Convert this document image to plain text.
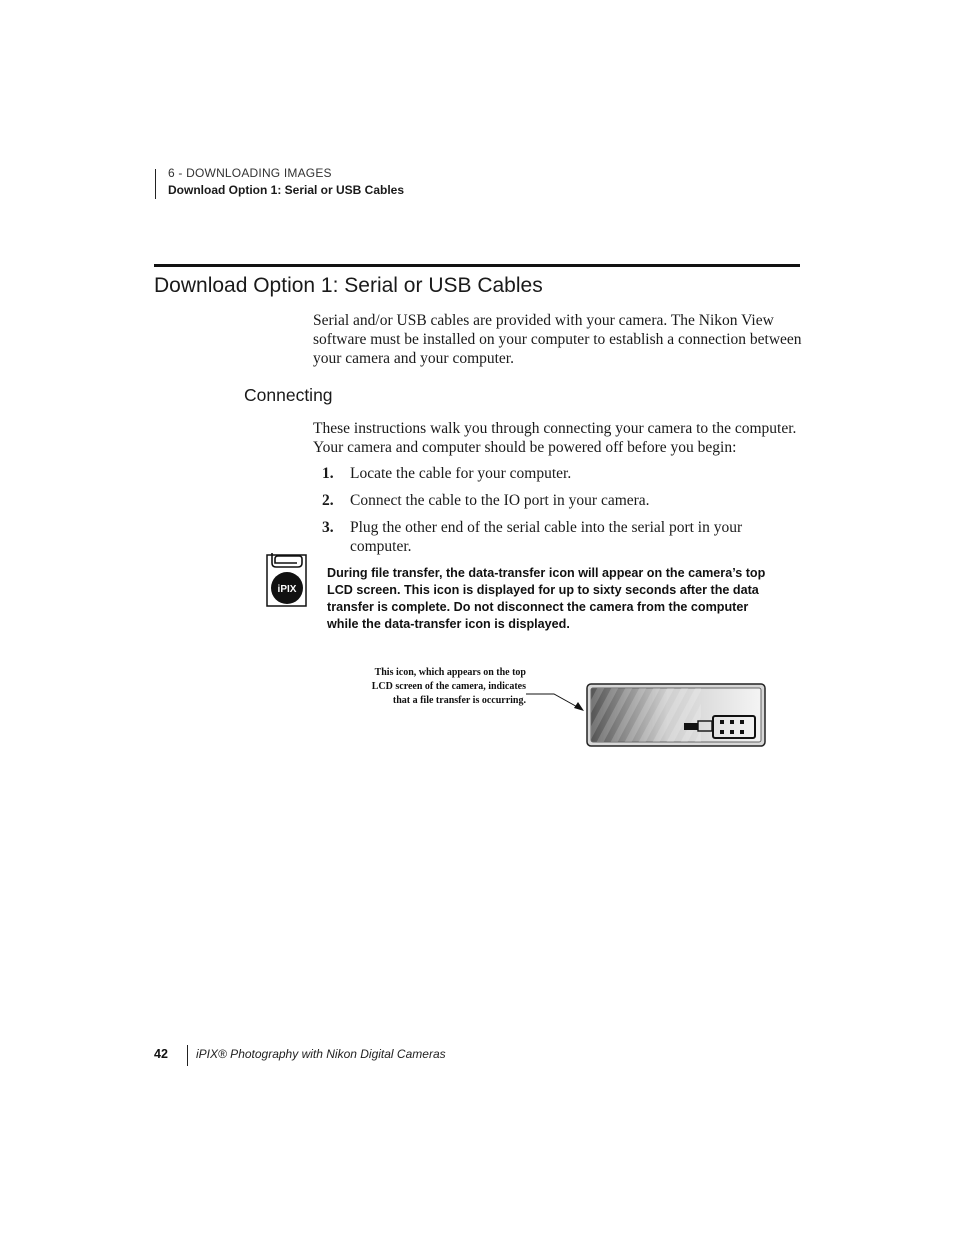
6 - DOWNLOADING IMAGES
Download Option 1: Serial or USB Cables
Download Option 1: Serial or USB Cables

Serial and/or USB cables are provided with your camera. The Nikon View software must be installed on your computer to establish a connection between your camera and your computer.

Connecting

These instructions walk you through connecting your camera to the computer. Your camera and computer should be powered off before you begin:

1. Locate the cable for your computer.
2. Connect the cable to the IO port in your camera.
3. Plug the other end of the serial cable into the serial port in your computer.
iPIX
During file transfer, the data-transfer icon will appear on the camera’s top LCD screen. This icon is displayed for up to sixty seconds after the data transfer is complete. Do not disconnect the camera from the computer while the data-transfer icon is displayed.
This icon, which appears on the top LCD screen of the camera, indicates that a file transfer is occurring.
42 iPIX® Photography with Nikon Digital Cameras
